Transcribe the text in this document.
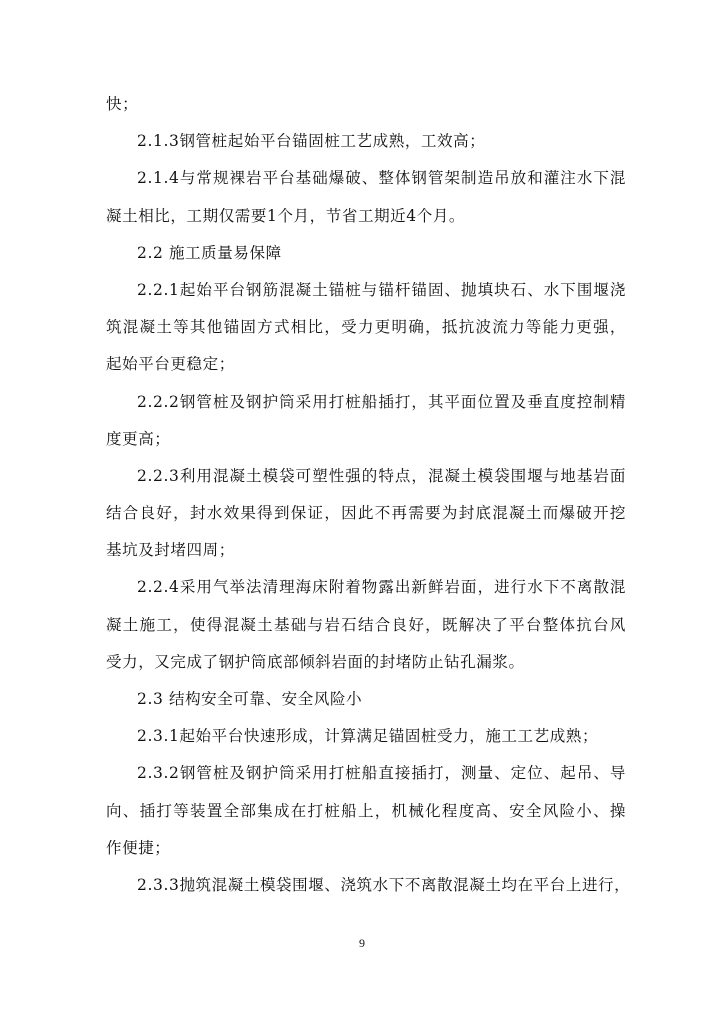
快；
2.1.3钢管桩起始平台锚固桩工艺成熟，工效高；
2.1.4与常规裸岩平台基础爆破、整体钢管架制造吊放和灌注水下混
凝土相比，工期仅需要1个月，节省工期近4个月。
2.2 施工质量易保障
2.2.1起始平台钢筋混凝土锚桩与锚杆锚固、抛填块石、水下围堰浇
筑混凝土等其他锚固方式相比，受力更明确，抵抗波流力等能力更强，
起始平台更稳定；
2.2.2钢管桩及钢护筒采用打桩船插打，其平面位置及垂直度控制精
度更高；
2.2.3利用混凝土模袋可塑性强的特点，混凝土模袋围堰与地基岩面
结合良好，封水效果得到保证，因此不再需要为封底混凝土而爆破开挖
基坑及封堵四周；
2.2.4采用气举法清理海床附着物露出新鲜岩面，进行水下不离散混
凝土施工，使得混凝土基础与岩石结合良好，既解决了平台整体抗台风
受力，又完成了钢护筒底部倾斜岩面的封堵防止钻孔漏浆。
2.3 结构安全可靠、安全风险小
2.3.1起始平台快速形成，计算满足锚固桩受力，施工工艺成熟；
2.3.2钢管桩及钢护筒采用打桩船直接插打，测量、定位、起吊、导
向、插打等装置全部集成在打桩船上，机械化程度高、安全风险小、操
作便捷；
2.3.3抛筑混凝土模袋围堰、浇筑水下不离散混凝土均在平台上进行，
9
